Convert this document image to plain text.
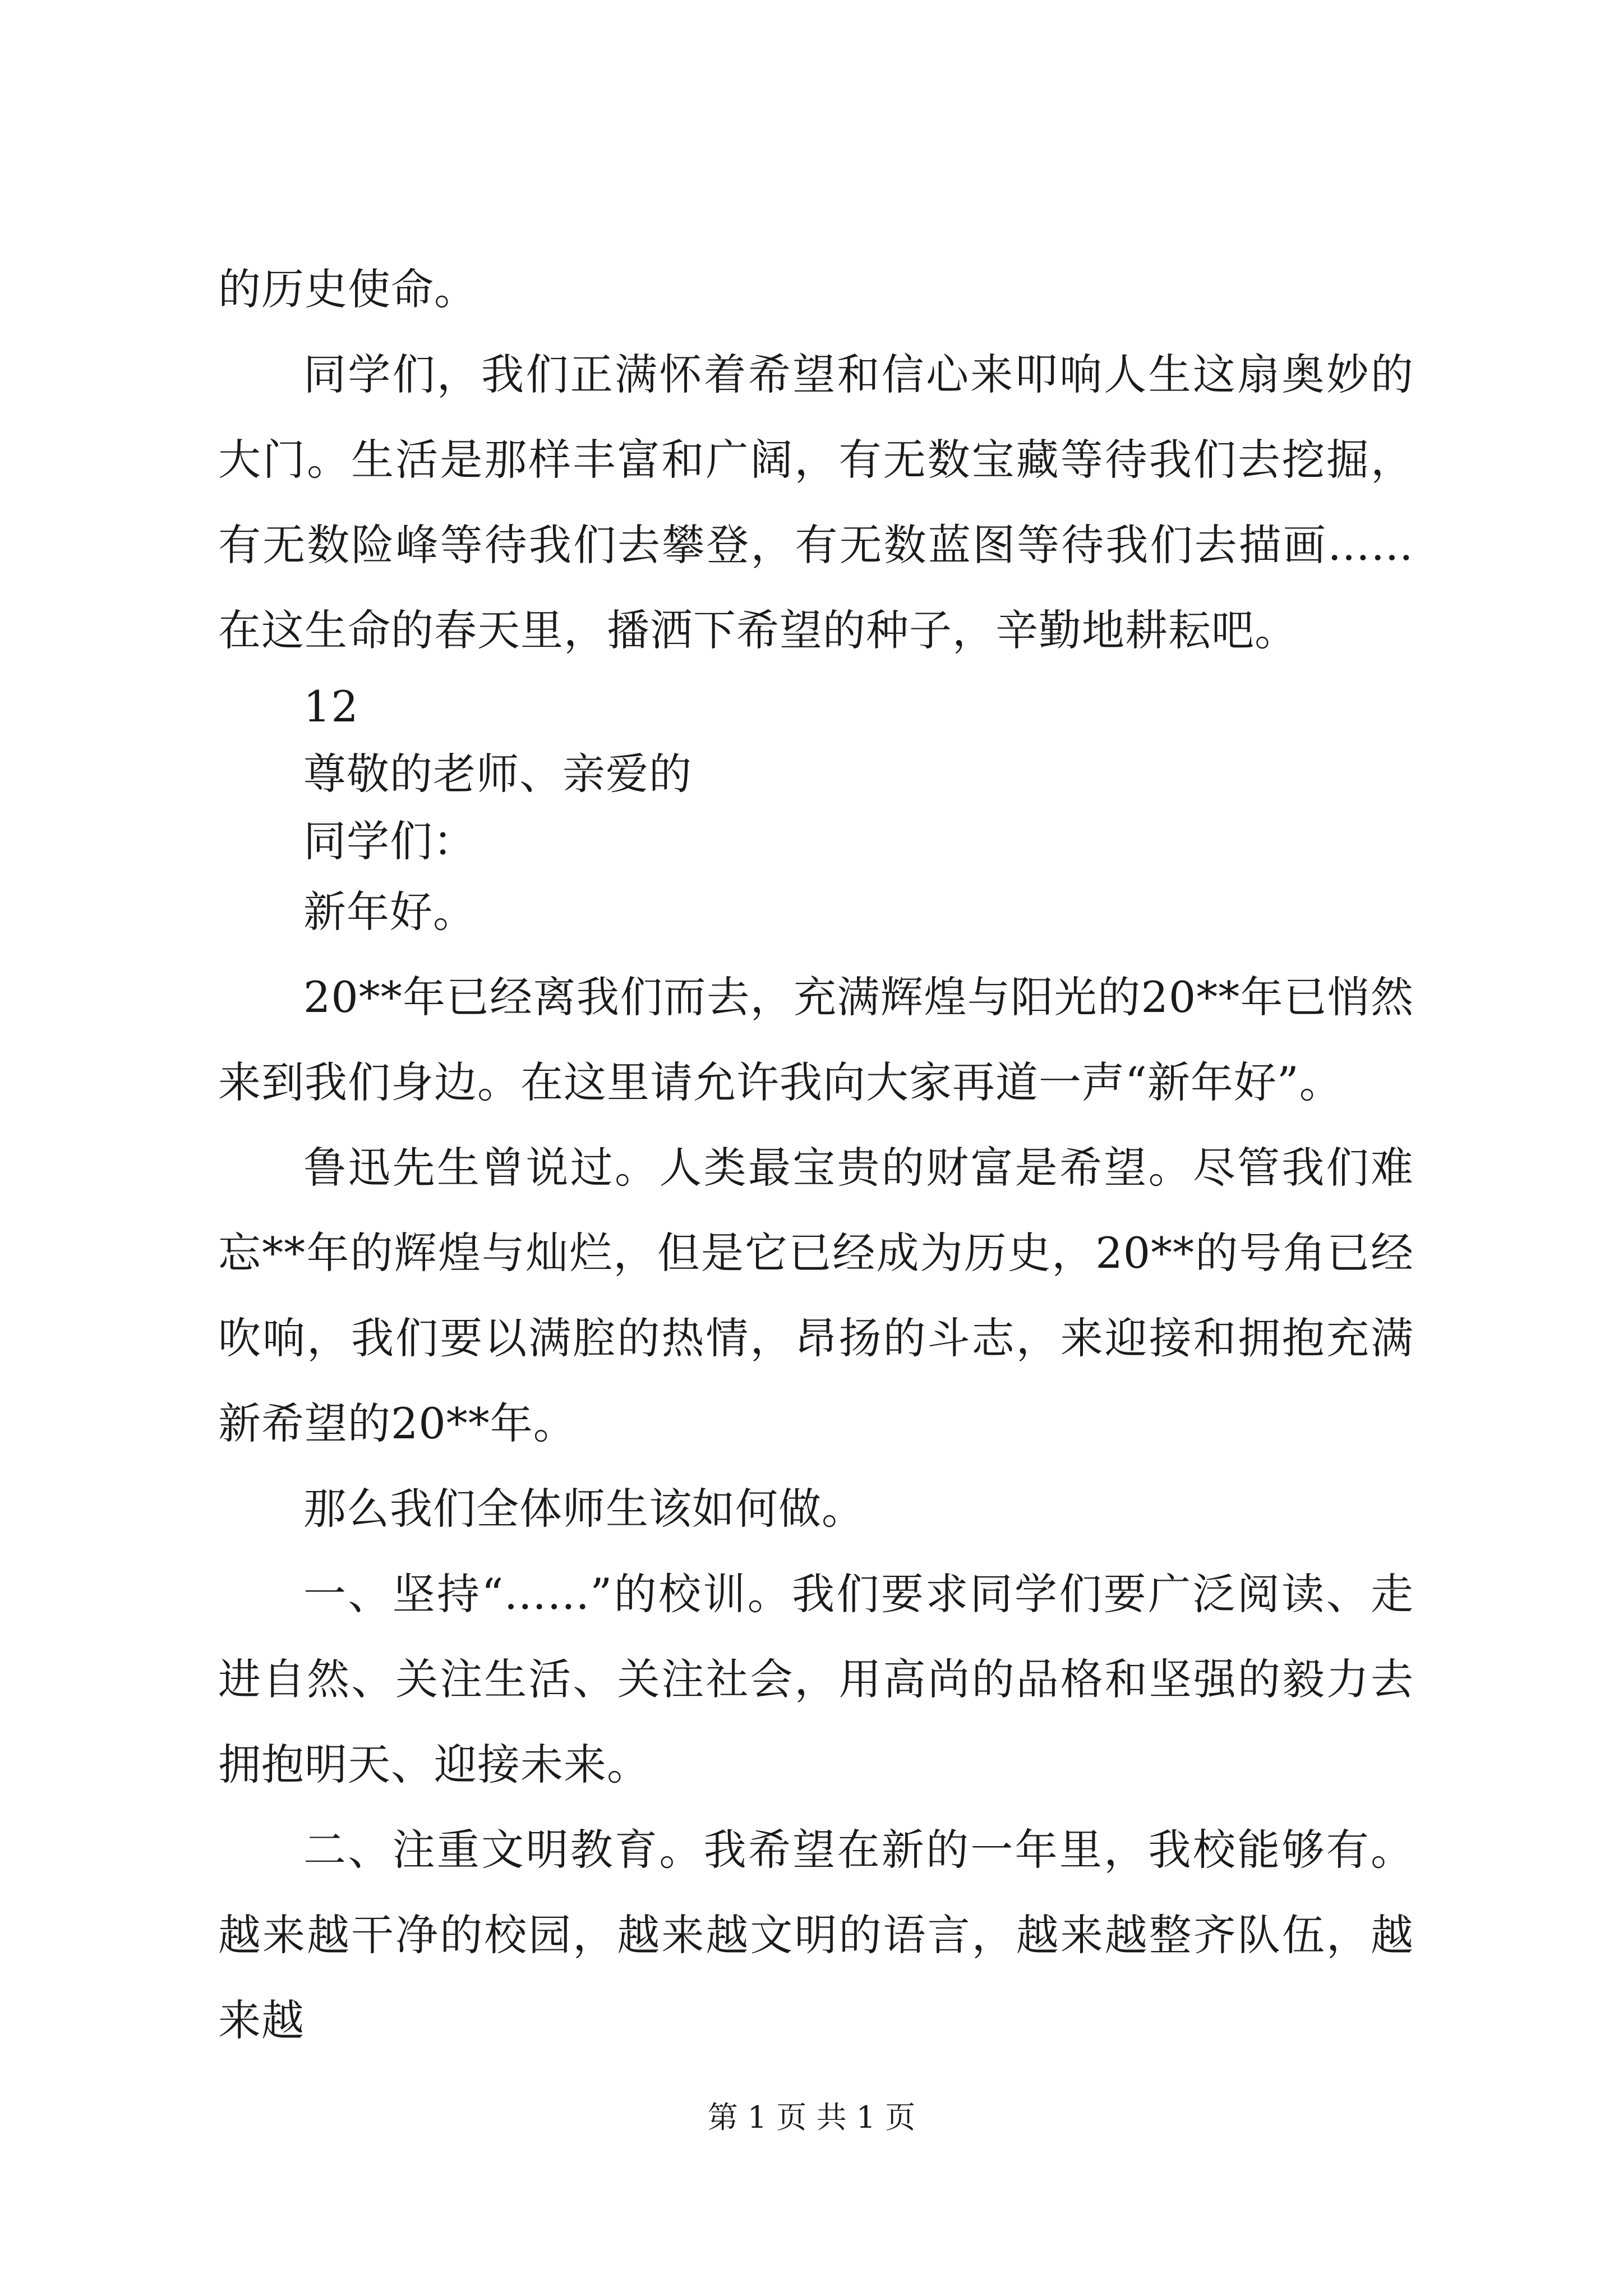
的历史使命。

同学们，我们正满怀着希望和信心来叩响人生这扇奥妙的大门。生活是那样丰富和广阔，有无数宝藏等待我们去挖掘，有无数险峰等待我们去攀登，有无数蓝图等待我们去描画……在这生命的春天里，播洒下希望的种子，辛勤地耕耘吧。

12

尊敬的老师、亲爱的

同学们：

新年好。

20**年已经离我们而去，充满辉煌与阳光的20**年已悄然来到我们身边。在这里请允许我向大家再道一声“新年好”。

鲁迅先生曾说过。人类最宝贵的财富是希望。尽管我们难忘**年的辉煌与灿烂，但是它已经成为历史，20**的号角已经吹响，我们要以满腔的热情，昂扬的斗志，来迎接和拥抱充满新希望的20**年。

那么我们全体师生该如何做。

一、坚持“……”的校训。我们要求同学们要广泛阅读、走进自然、关注生活、关注社会，用高尚的品格和坚强的毅力去拥抱明天、迎接未来。

二、注重文明教育。我希望在新的一年里，我校能够有。越来越干净的校园，越来越文明的语言，越来越整齐队伍，越来越

第 1 页 共 1 页
